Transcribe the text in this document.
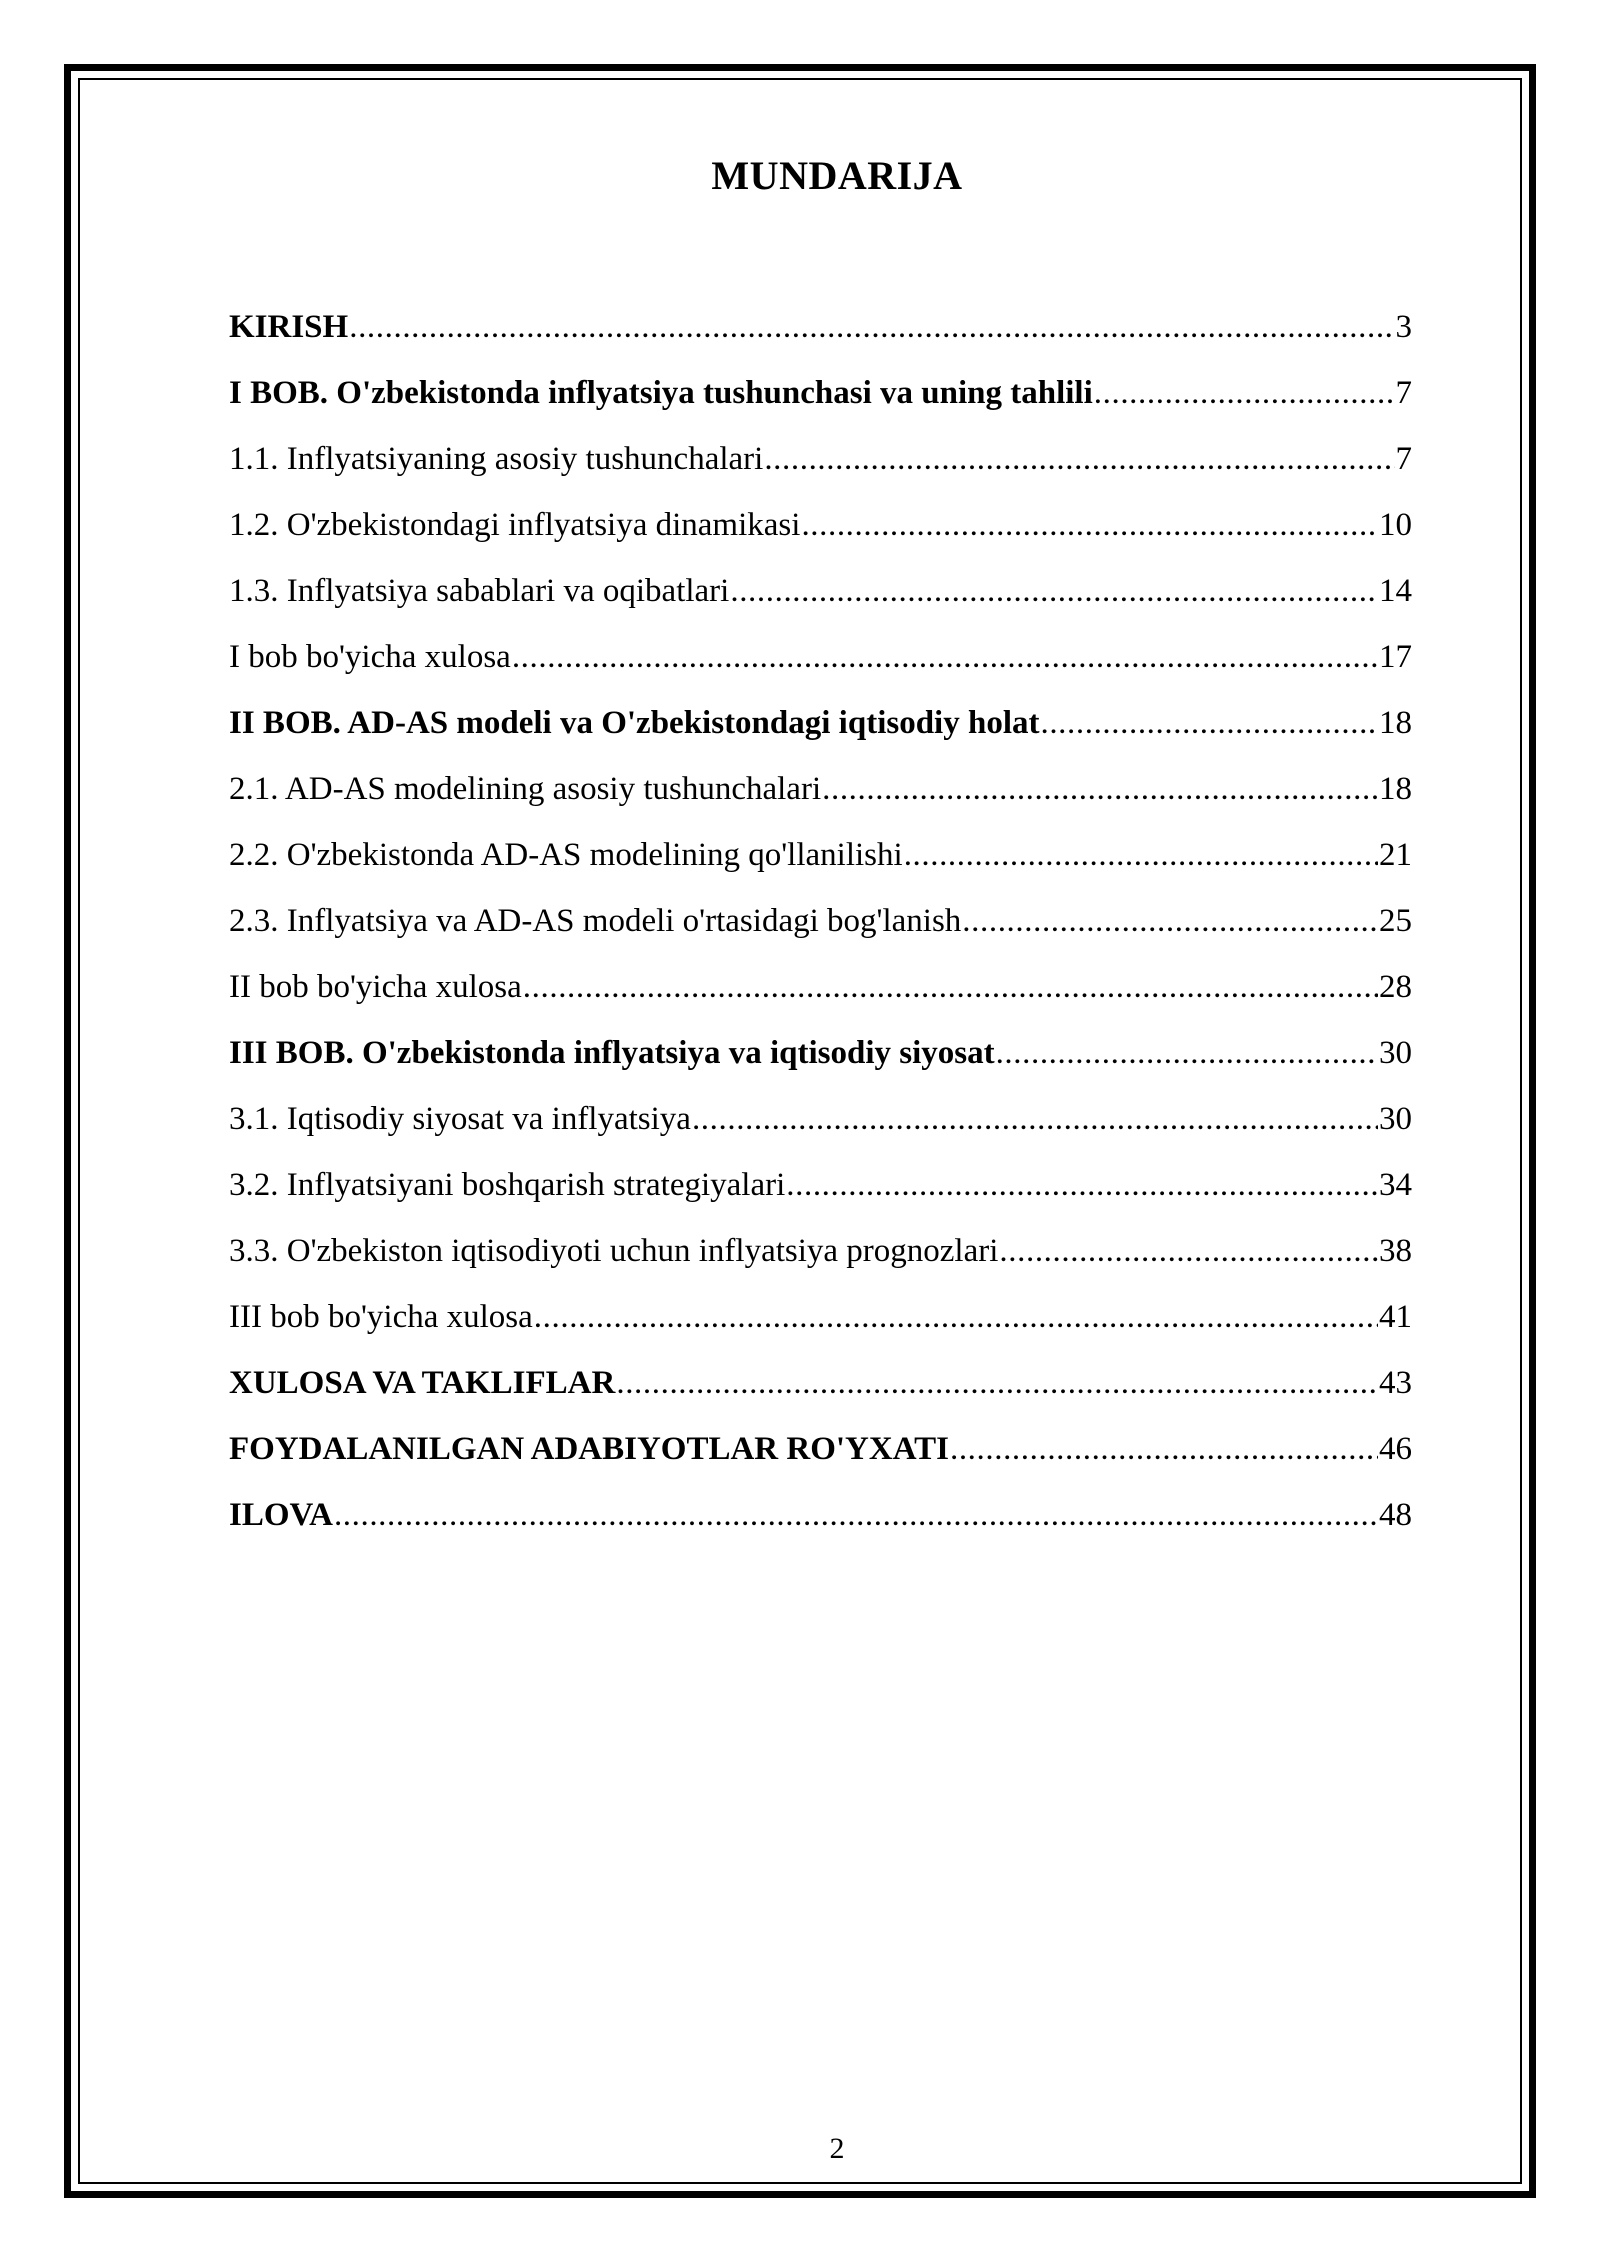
MUNDARIJA
KIRISH .....	3
I BOB. O'zbekistonda inflyatsiya tushunchasi va uning tahlili .....	7
1.1. Inflyatsiyaning asosiy tushunchalari .....	7
1.2. O'zbekistondagi inflyatsiya dinamikasi .....	10
1.3. Inflyatsiya sabablari va oqibatlari .....	14
I bob bo'yicha xulosa .....	17
II BOB. AD-AS modeli va O'zbekistondagi iqtisodiy holat .....	18
2.1. AD-AS modelining asosiy tushunchalari .....	18
2.2. O'zbekistonda AD-AS modelining qo'llanilishi .....	21
2.3. Inflyatsiya va AD-AS modeli o'rtasidagi bog'lanish .....	25
II bob bo'yicha xulosa .....	28
III BOB. O'zbekistonda inflyatsiya va iqtisodiy siyosat .....	30
3.1. Iqtisodiy siyosat va inflyatsiya .....	30
3.2. Inflyatsiyani boshqarish strategiyalari .....	34
3.3. O'zbekiston iqtisodiyoti uchun inflyatsiya prognozlari .....	38
III bob bo'yicha xulosa .....	41
XULOSA VA TAKLIFLAR .....	43
FOYDALANILGAN ADABIYOTLAR RO'YXATI .....	46
ILOVA .....	48
2
